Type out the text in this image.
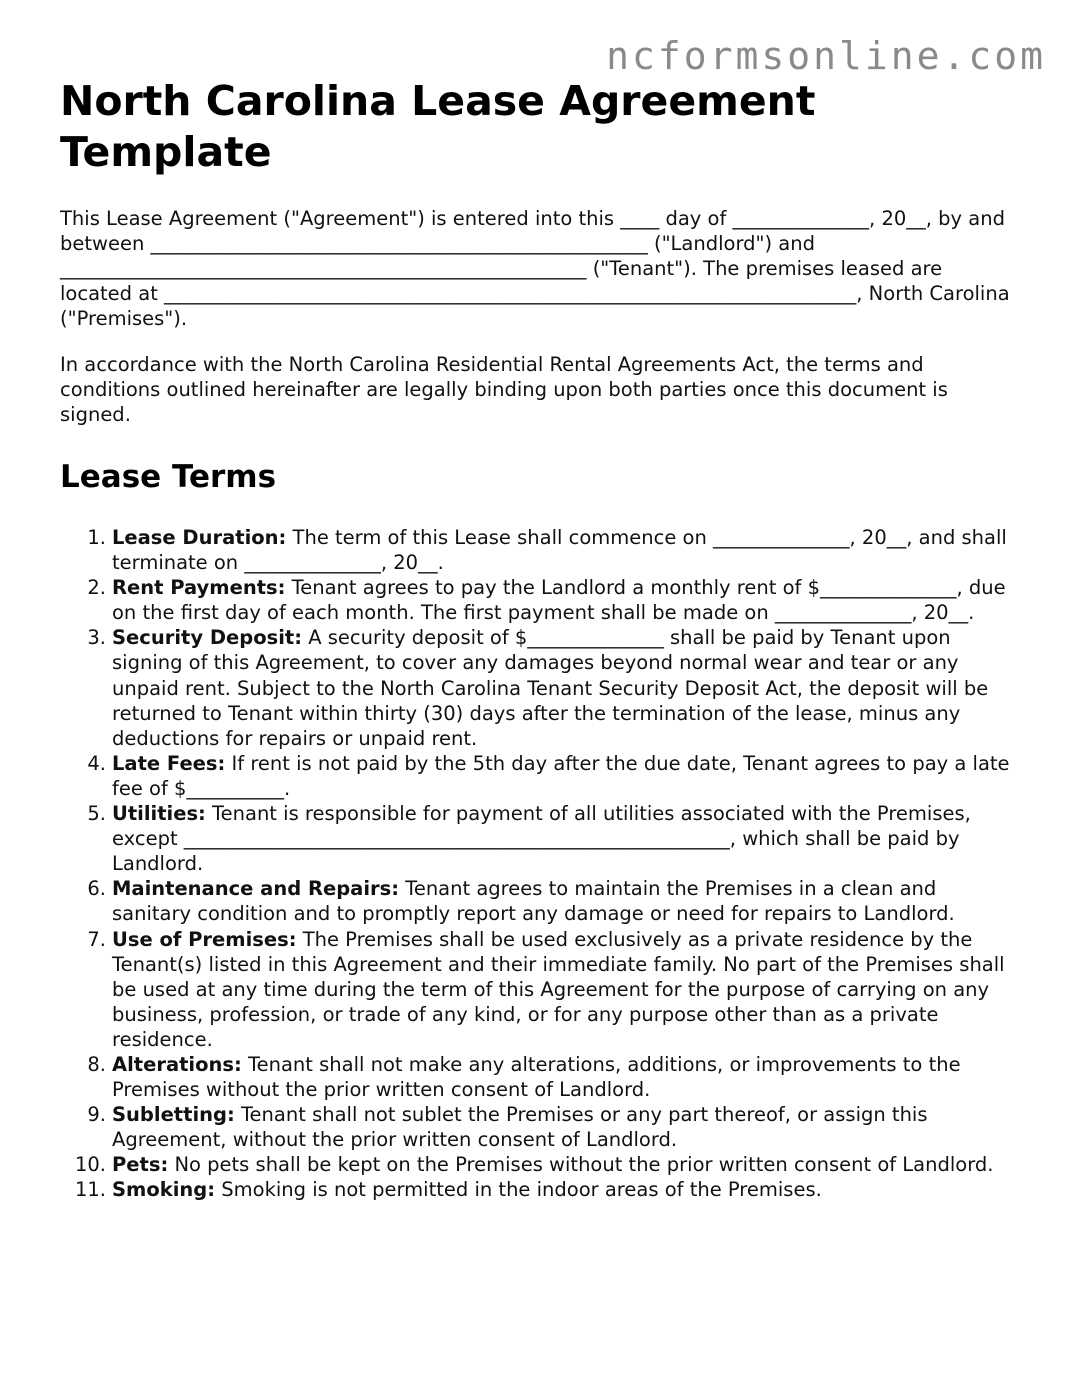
ncformsonline.com
North Carolina Lease Agreement Template

This Lease Agreement ("Agreement") is entered into this ____ day of ______________, 20__, by and between ___________________________________________________ ("Landlord") and ______________________________________________________ ("Tenant"). The premises leased are located at _______________________________________________________________________, North Carolina ("Premises").

In accordance with the North Carolina Residential Rental Agreements Act, the terms and conditions outlined hereinafter are legally binding upon both parties once this document is signed.

Lease Terms
1. Lease Duration: The term of this Lease shall commence on ______________, 20__, and shall terminate on ______________, 20__.
2. Rent Payments: Tenant agrees to pay the Landlord a monthly rent of $______________, due on the first day of each month. The first payment shall be made on ______________, 20__.
3. Security Deposit: A security deposit of $______________ shall be paid by Tenant upon signing of this Agreement, to cover any damages beyond normal wear and tear or any unpaid rent. Subject to the North Carolina Tenant Security Deposit Act, the deposit will be returned to Tenant within thirty (30) days after the termination of the lease, minus any deductions for repairs or unpaid rent.
4. Late Fees: If rent is not paid by the 5th day after the due date, Tenant agrees to pay a late fee of $__________.
5. Utilities: Tenant is responsible for payment of all utilities associated with the Premises, except ________________________________________________________, which shall be paid by Landlord.
6. Maintenance and Repairs: Tenant agrees to maintain the Premises in a clean and sanitary condition and to promptly report any damage or need for repairs to Landlord.
7. Use of Premises: The Premises shall be used exclusively as a private residence by the Tenant(s) listed in this Agreement and their immediate family. No part of the Premises shall be used at any time during the term of this Agreement for the purpose of carrying on any business, profession, or trade of any kind, or for any purpose other than as a private residence.
8. Alterations: Tenant shall not make any alterations, additions, or improvements to the Premises without the prior written consent of Landlord.
9. Subletting: Tenant shall not sublet the Premises or any part thereof, or assign this Agreement, without the prior written consent of Landlord.
10. Pets: No pets shall be kept on the Premises without the prior written consent of Landlord.
11. Smoking: Smoking is not permitted in the indoor areas of the Premises.
